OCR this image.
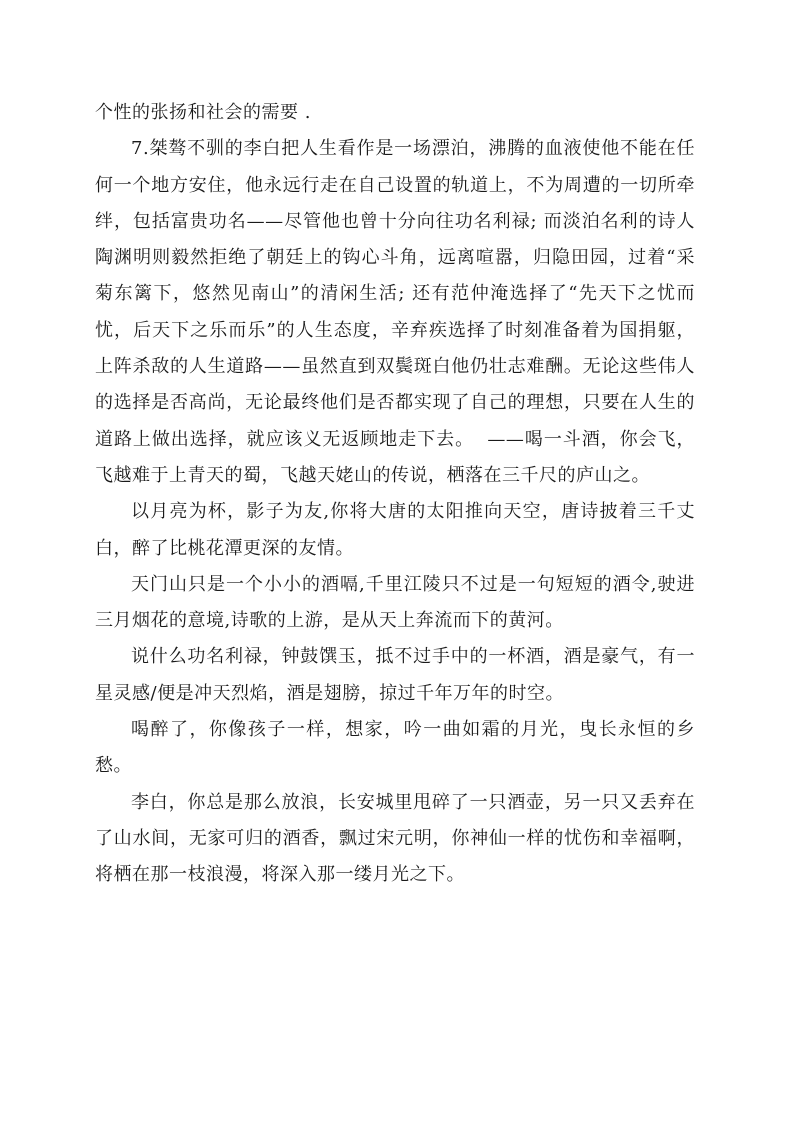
个性的张扬和社会的需要 .

7.桀骜不驯的李白把人生看作是一场漂泊，沸腾的血液使他不能在任何一个地方安住，他永远行走在自己设置的轨道上，不为周遭的一切所牵绊，包括富贵功名——尽管他也曾十分向往功名利禄; 而淡泊名利的诗人陶渊明则毅然拒绝了朝廷上的钩心斗角，远离喧嚣，归隐田园，过着“采菊东篱下，悠然见南山”的清闲生活; 还有范仲淹选择了“先天下之忧而忧，后天下之乐而乐”的人生态度，辛弃疾选择了时刻准备着为国捐躯，上阵杀敌的人生道路——虽然直到双鬓斑白他仍壮志难酬。无论这些伟人的选择是否高尚，无论最终他们是否都实现了自己的理想，只要在人生的道路上做出选择，就应该义无返顾地走下去。  ——喝一斗酒，你会飞，飞越难于上青天的蜀，飞越天姥山的传说，栖落在三千尺的庐山之。

以月亮为杯，影子为友,你将大唐的太阳推向天空，唐诗披着三千丈白，醉了比桃花潭更深的友情。

天门山只是一个小小的酒嗝,千里江陵只不过是一句短短的酒令,驶进三月烟花的意境,诗歌的上游，是从天上奔流而下的黄河。

说什么功名利禄，钟鼓馔玉，抵不过手中的一杯酒，酒是豪气，有一星灵感/便是冲天烈焰，酒是翅膀，掠过千年万年的时空。

喝醉了，你像孩子一样，想家，吟一曲如霜的月光，曳长永恒的乡愁。

李白，你总是那么放浪，长安城里甩碎了一只酒壶，另一只又丢弃在了山水间，无家可归的酒香，飘过宋元明，你神仙一样的忧伤和幸福啊，将栖在那一枝浪漫，将深入那一缕月光之下。
